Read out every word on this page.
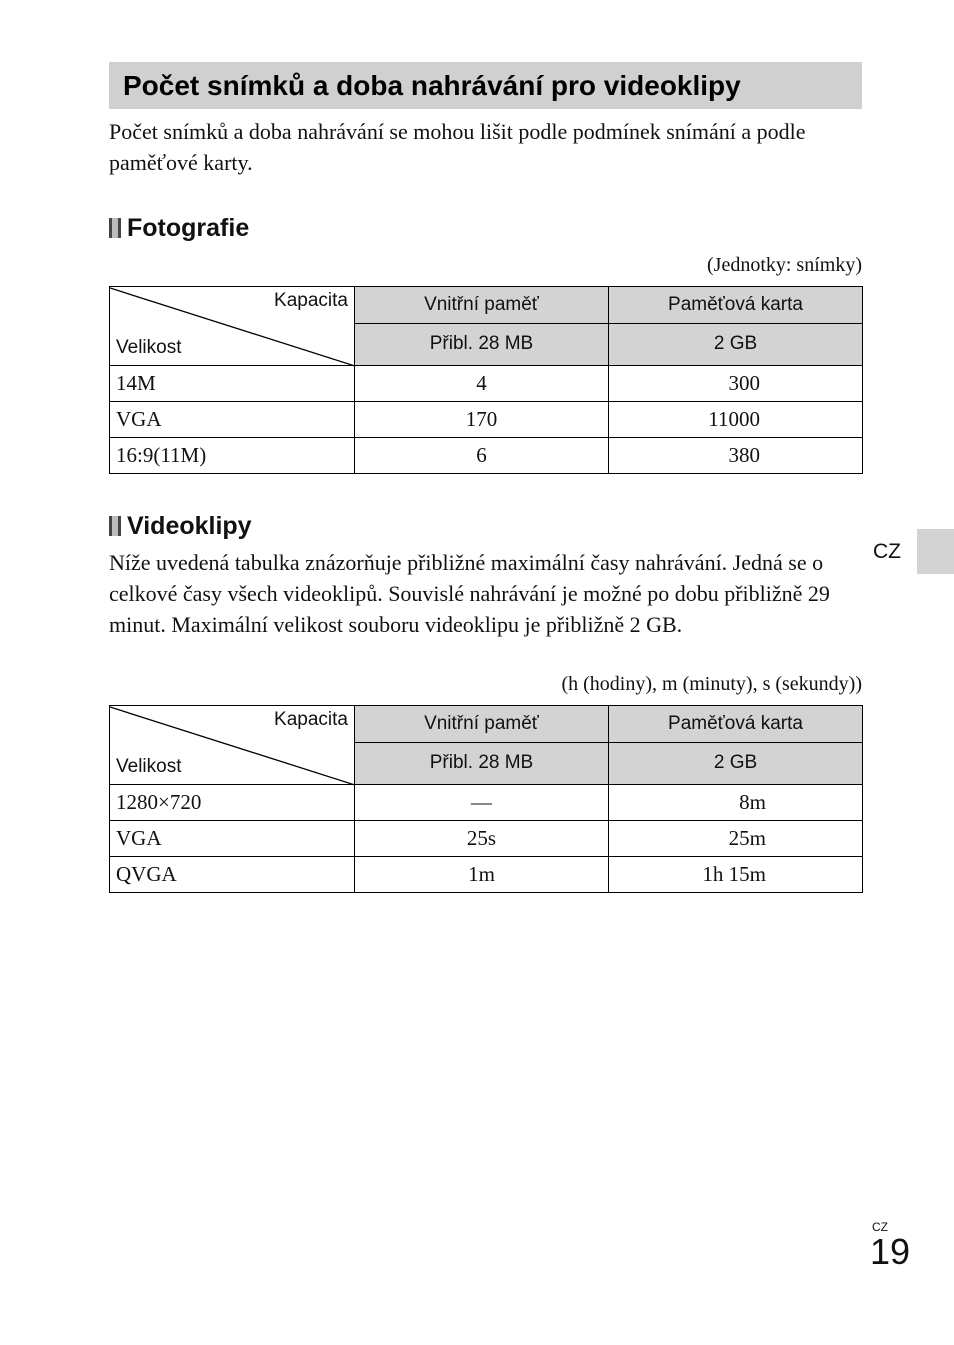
Počet snímků a doba nahrávání pro videoklipy

Počet snímků a doba nahrávání se mohou lišit podle podmínek snímání a podle paměťové karty.

Fotografie
(Jednotky: snímky)
Kapacita
Velikost	Vnitřní paměť	Paměťová karta
	Přibl. 28 MB	2 GB
14M	4	300
VGA	170	11000
16:9(11M)	6	380
Videoklipy

Níže uvedená tabulka znázorňuje přibližné maximální časy nahrávání. Jedná se o celkové časy všech videoklipů. Souvislé nahrávání je možné po dobu přibližně 29 minut. Maximální velikost souboru videoklipu je přibližně 2 GB.

(h (hodiny), m (minuty), s (sekundy))
Kapacita
Velikost	Vnitřní paměť	Paměťová karta
	Přibl. 28 MB	2 GB
1280×720	—	8m
VGA	25s	25m
QVGA	1m	1h 15m
CZ
CZ
19
